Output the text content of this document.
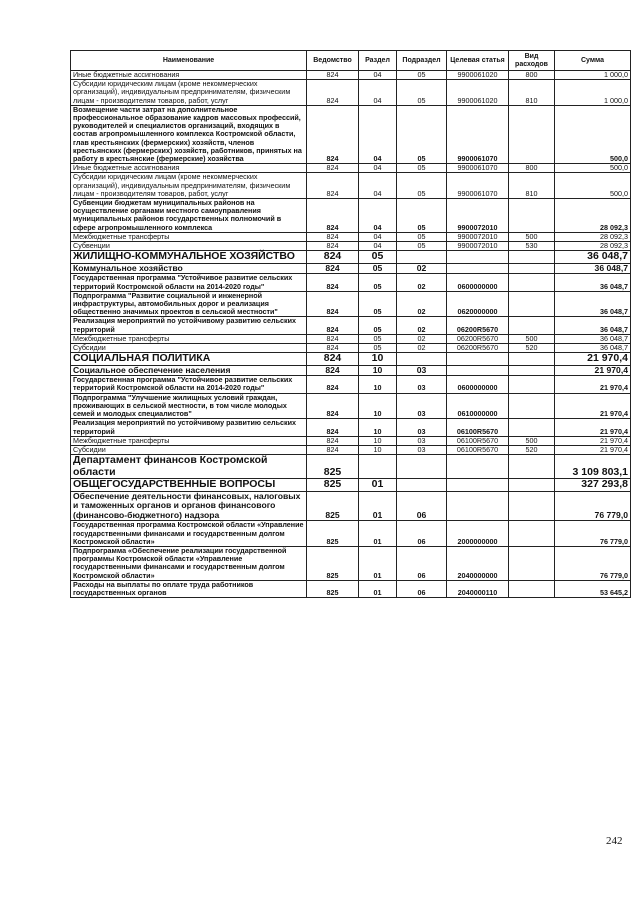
Наименование	Ведомство	Раздел	Подраздел	Целевая статья	Вид расходов	Сумма
Иные бюджетные ассигнования	824	04	05	9900061020	800	1 000,0
Субсидии юридическим лицам (кроме некоммерческих организаций), индивидуальным предпринимателям, физическим лицам - производителям товаров, работ, услуг	824	04	05	9900061020	810	1 000,0
Возмещение части затрат на дополнительное профессиональное образование кадров массовых профессий, руководителей и специалистов организаций, входящих в состав агропромышленного комплекса Костромской области, глав крестьянских (фермерских) хозяйств, членов крестьянских (фермерских) хозяйств, работников, принятых на работу в крестьянские (фермерские) хозяйства	824	04	05	9900061070		500,0
Иные бюджетные ассигнования	824	04	05	9900061070	800	500,0
Субсидии юридическим лицам (кроме некоммерческих организаций), индивидуальным предпринимателям, физическим лицам - производителям товаров, работ, услуг	824	04	05	9900061070	810	500,0
Субвенции бюджетам муниципальных районов на осуществление органами местного самоуправления муниципальных районов государственных полномочий в сфере агропромышленного комплекса	824	04	05	9900072010		28 092,3
Межбюджетные трансферты	824	04	05	9900072010	500	28 092,3
Субвенции	824	04	05	9900072010	530	28 092,3
ЖИЛИЩНО-КОММУНАЛЬНОЕ ХОЗЯЙСТВО	824	05				36 048,7
Коммунальное хозяйство	824	05	02			36 048,7
Государственная программа "Устойчивое развитие сельских территорий Костромской области на 2014-2020 годы"	824	05	02	0600000000		36 048,7
Подпрограмма "Развитие социальной и инженерной инфраструктуры, автомобильных дорог и реализация общественно значимых проектов в сельской местности"	824	05	02	0620000000		36 048,7
Реализация мероприятий по устойчивому развитию сельских территорий	824	05	02	06200R5670		36 048,7
Межбюджетные трансферты	824	05	02	06200R5670	500	36 048,7
Субсидии	824	05	02	06200R5670	520	36 048,7
СОЦИАЛЬНАЯ ПОЛИТИКА	824	10				21 970,4
Социальное обеспечение населения	824	10	03			21 970,4
Государственная программа "Устойчивое развитие сельских территорий Костромской области на 2014-2020 годы"	824	10	03	0600000000		21 970,4
Подпрограмма "Улучшение жилищных условий граждан, проживающих в сельской местности, в том числе молодых семей и молодых специалистов"	824	10	03	0610000000		21 970,4
Реализация мероприятий по устойчивому развитию сельских территорий	824	10	03	06100R5670		21 970,4
Межбюджетные трансферты	824	10	03	06100R5670	500	21 970,4
Субсидии	824	10	03	06100R5670	520	21 970,4
Департамент финансов Костромской области	825					3 109 803,1
ОБЩЕГОСУДАРСТВЕННЫЕ ВОПРОСЫ	825	01				327 293,8
Обеспечение деятельности финансовых, налоговых и таможенных органов и органов финансового (финансово-бюджетного) надзора	825	01	06			76 779,0
Государственная программа Костромской области «Управление государственными финансами и государственным долгом Костромской области»	825	01	06	2000000000		76 779,0
Подпрограмма «Обеспечение реализации государственной программы Костромской области «Управление государственными финансами и государственным долгом Костромской области»	825	01	06	2040000000		76 779,0
Расходы на выплаты по оплате труда работников государственных органов	825	01	06	2040000110		53 645,2
242
